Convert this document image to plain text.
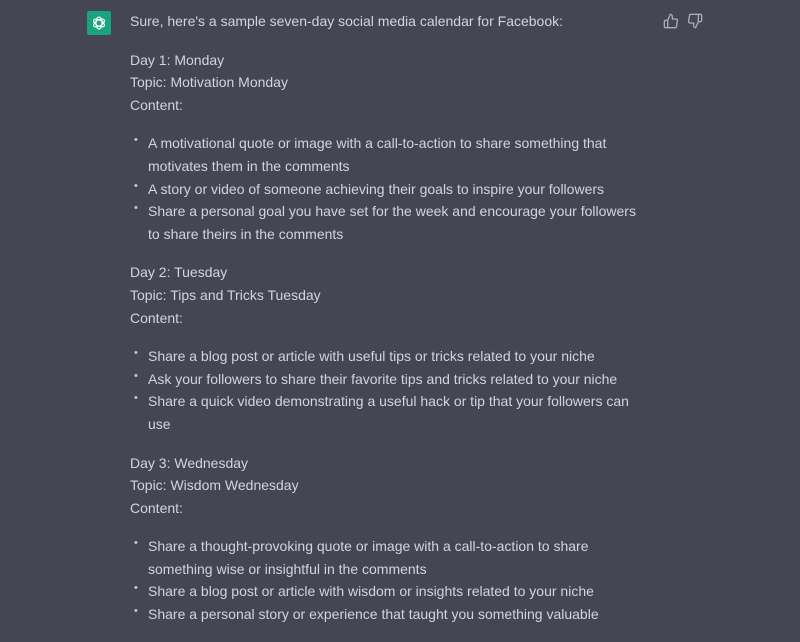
Sure, here's a sample seven-day social media calendar for Facebook:

Day 1: Monday
Topic: Motivation Monday
Content:

• A motivational quote or image with a call-to-action to share something that motivates them in the comments
• A story or video of someone achieving their goals to inspire your followers
• Share a personal goal you have set for the week and encourage your followers to share theirs in the comments

Day 2: Tuesday
Topic: Tips and Tricks Tuesday
Content:

• Share a blog post or article with useful tips or tricks related to your niche
• Ask your followers to share their favorite tips and tricks related to your niche
• Share a quick video demonstrating a useful hack or tip that your followers can use

Day 3: Wednesday
Topic: Wisdom Wednesday
Content:

• Share a thought-provoking quote or image with a call-to-action to share something wise or insightful in the comments
• Share a blog post or article with wisdom or insights related to your niche
• Share a personal story or experience that taught you something valuable
